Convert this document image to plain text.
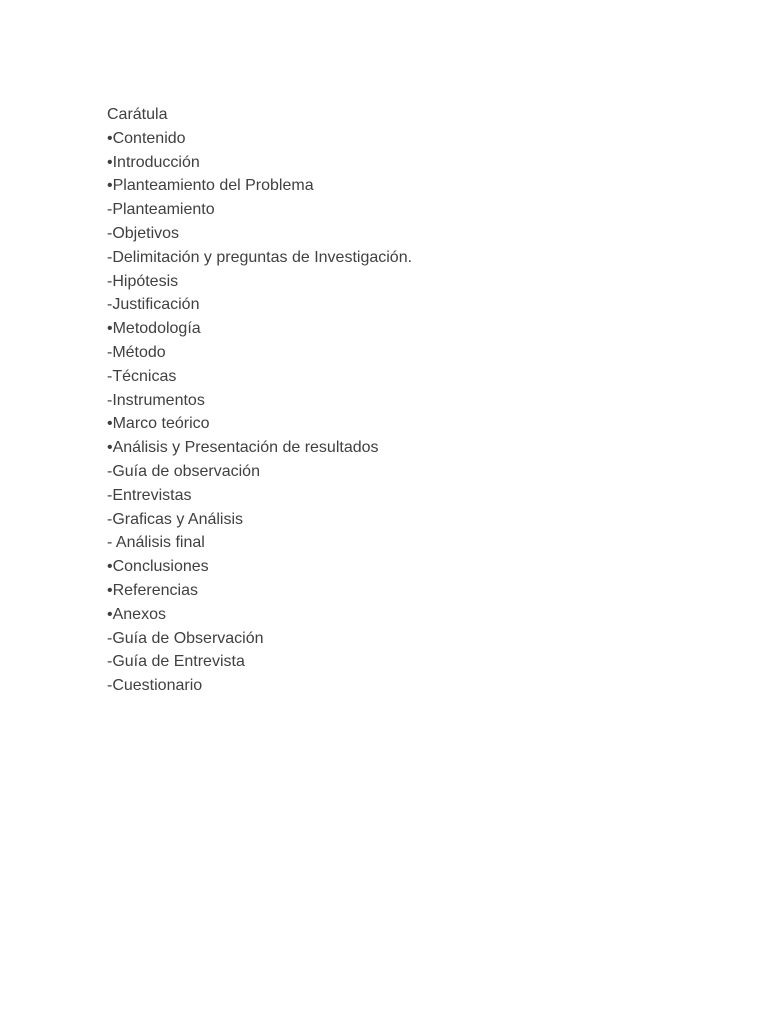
Carátula
•Contenido
•Introducción
•Planteamiento del Problema
-Planteamiento
-Objetivos
-Delimitación y preguntas de Investigación.
-Hipótesis
-Justificación
•Metodología
-Método
-Técnicas
-Instrumentos
•Marco teórico
•Análisis y Presentación de resultados
-Guía de observación
-Entrevistas
-Graficas y Análisis
- Análisis final
•Conclusiones
•Referencias
•Anexos
-Guía de Observación
-Guía de Entrevista
-Cuestionario
